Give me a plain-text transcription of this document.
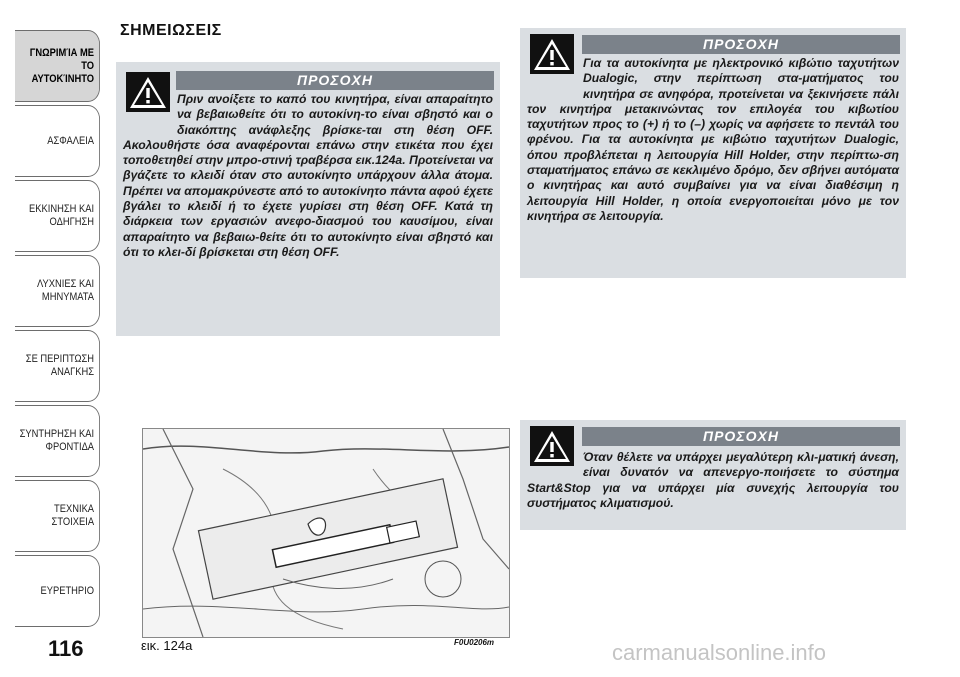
ΓΝΩΡΙΜΊΑ ΜΕ ΤΟ
ΑΥΤΟΚΊΝΗΤΟ
ΑΣΦΑΛΕΙΑ
ΕΚΚΙΝΗΣΗ ΚΑΙ
ΟΔΗΓΗΣΗ
ΛΥΧΝΙΕΣ ΚΑΙ
ΜΗΝΥΜΑΤΑ
ΣΕ ΠΕΡΙΠΤΩΣΗ
ΑΝΑΓΚΗΣ
ΣΥΝΤΗΡΗΣΗ ΚΑΙ
ΦΡΟΝΤΙΔΑ
ΤΕΧΝΙΚΑ ΣΤΟΙΧΕΙΑ
ΕΥΡΕΤΗΡΙΟ
116
ΣΗΜΕΙΩΣΕΙΣ
ΠΡΟΣΟΧΗ
Πριν ανοίξετε το καπό του κινητήρα, είναι απαραίτητο να βεβαιωθείτε ότι το αυτοκίνη-το είναι σβηστό και ο διακόπτης ανάφλεξης βρίσκε-ται στη θέση OFF. Ακολουθήστε όσα αναφέρονται επάνω στην ετικέτα που έχει τοποθετηθεί στην μπρο-στινή τραβέρσα εικ.124a. Προτείνεται να βγάζετε το κλειδί όταν στο αυτοκίνητο υπάρχουν άλλα άτομα. Πρέπει να απομακρύνεστε από το αυτοκίνητο πάντα αφού έχετε βγάλει το κλειδί ή το έχετε γυρίσει στη θέση OFF. Κατά τη διάρκεια των εργασιών ανεφο-διασμού του καυσίμου, είναι απαραίτητο να βεβαιω-θείτε ότι το αυτοκίνητο είναι σβηστό και ότι το κλει-δί βρίσκεται στη θέση OFF.
ΠΡΟΣΟΧΗ
Για τα αυτοκίνητα με ηλεκτρονικό κιβώτιο ταχυτήτων Dualogic, στην περίπτωση στα-ματήματος του κινητήρα σε ανηφόρα, προτείνεται να ξεκινήσετε πάλι τον κινητήρα μετακινώντας τον επιλογέα του κιβωτίου ταχυτήτων προς το (+) ή το (–) χωρίς να αφήσετε το πεντάλ του φρένου. Για τα αυτοκίνητα με κιβώτιο ταχυτήτων Dualogic, όπου προβλέπεται η λειτουργία Hill Holder, στην περίπτω-ση σταματήματος επάνω σε κεκλιμένο δρόμο, δεν σβήνει αυτόματα ο κινητήρας και αυτό συμβαίνει για να είναι διαθέσιμη η λειτουργία Hill Holder, η οποία ενεργοποιείται μόνο με τον κινητήρα σε λειτουργία.
ΠΡΟΣΟΧΗ
Όταν θέλετε να υπάρχει μεγαλύτερη κλι-ματική άνεση, είναι δυνατόν να απενεργο-ποιήσετε το σύστημα Start&Stop για να υπάρχει μία συνεχής λειτουργία του συστήματος κλιματισμού.
εικ. 124a	F0U0206m	carmanualsonline.info
